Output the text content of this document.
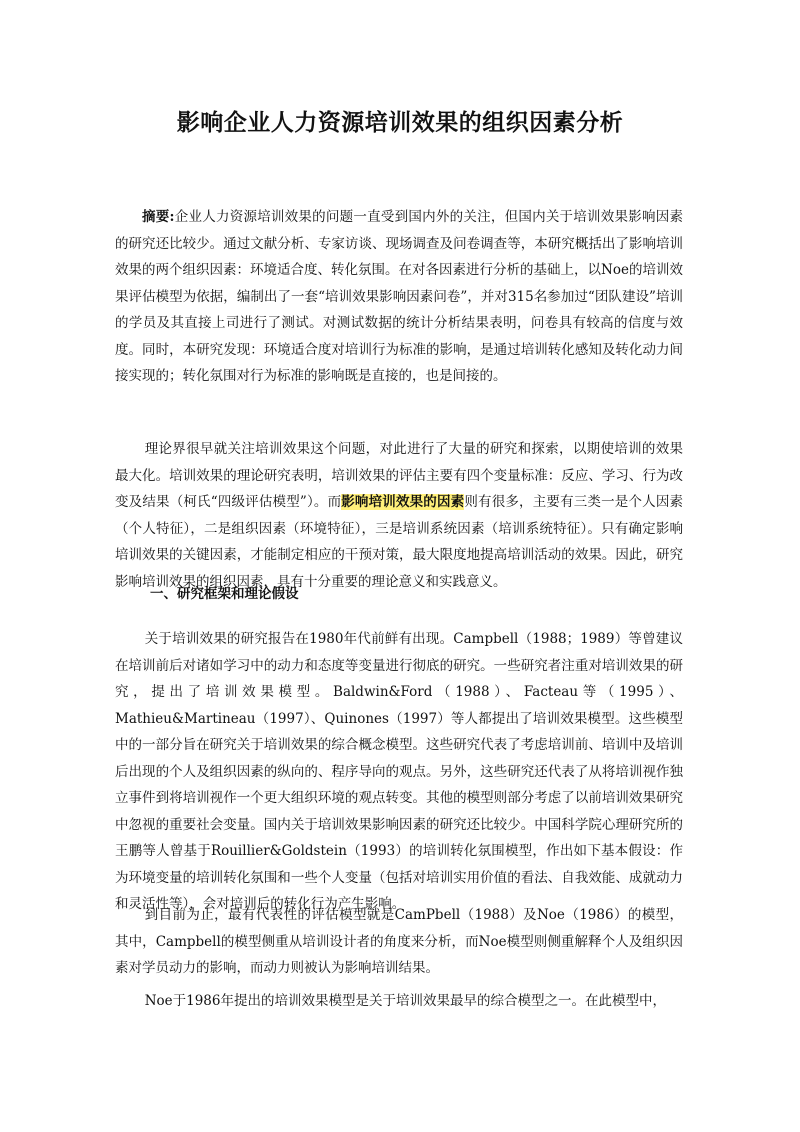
影响企业人力资源培训效果的组织因素分析
摘要:企业人力资源培训效果的问题一直受到国内外的关注，但国内关于培训效果影响因素的研究还比较少。通过文献分析、专家访谈、现场调查及问卷调查等，本研究概括出了影响培训效果的两个组织因素：环境适合度、转化氛围。在对各因素进行分析的基础上，以Noe的培训效果评估模型为依据，编制出了一套“培训效果影响因素问卷”，并对315名参加过“团队建设”培训的学员及其直接上司进行了测试。对测试数据的统计分析结果表明，问卷具有较高的信度与效度。同时，本研究发现：环境适合度对培训行为标准的影响，是通过培训转化感知及转化动力间接实现的；转化氛围对行为标准的影响既是直接的，也是间接的。
理论界很早就关注培训效果这个问题，对此进行了大量的研究和探索，以期使培训的效果最大化。培训效果的理论研究表明，培训效果的评估主要有四个变量标准：反应、学习、行为改变及结果（柯氏“四级评估模型”）。而影响培训效果的因素则有很多，主要有三类一是个人因素（个人特征），二是组织因素（环境特征），三是培训系统因素（培训系统特征）。只有确定影响培训效果的关键因素，才能制定相应的干预对策，最大限度地提高培训活动的效果。因此，研究影响培训效果的组织因素，具有十分重要的理论意义和实践意义。
一、研究框架和理论假设
关于培训效果的研究报告在1980年代前鲜有出现。Campbell（1988；1989）等曾建议在培训前后对诸如学习中的动力和态度等变量进行彻底的研究。一些研究者注重对培训效果的研究，提出了培训效果模型。Baldwin&Ford（1988）、Facteau等（1995）、Mathieu&Martineau（1997）、Quinones（1997）等人都提出了培训效果模型。这些模型中的一部分旨在研究关于培训效果的综合概念模型。这些研究代表了考虑培训前、培训中及培训后出现的个人及组织因素的纵向的、程序导向的观点。另外，这些研究还代表了从将培训视作独立事件到将培训视作一个更大组织环境的观点转变。其他的模型则部分考虑了以前培训效果研究中忽视的重要社会变量。国内关于培训效果影响因素的研究还比较少。中国科学院心理研究所的王鹏等人曾基于Rouillier&Goldstein（1993）的培训转化氛围模型，作出如下基本假设：作为环境变量的培训转化氛围和一些个人变量（包括对培训实用价值的看法、自我效能、成就动力和灵活性等），会对培训后的转化行为产生影响。
到目前为止，最有代表性的评估模型就是CamPbell（1988）及Noe（1986）的模型，其中，Campbell的模型侧重从培训设计者的角度来分析，而Noe模型则侧重解释个人及组织因素对学员动力的影响，而动力则被认为影响培训结果。
Noe于1986年提出的培训效果模型是关于培训效果最早的综合模型之一。在此模型中，
